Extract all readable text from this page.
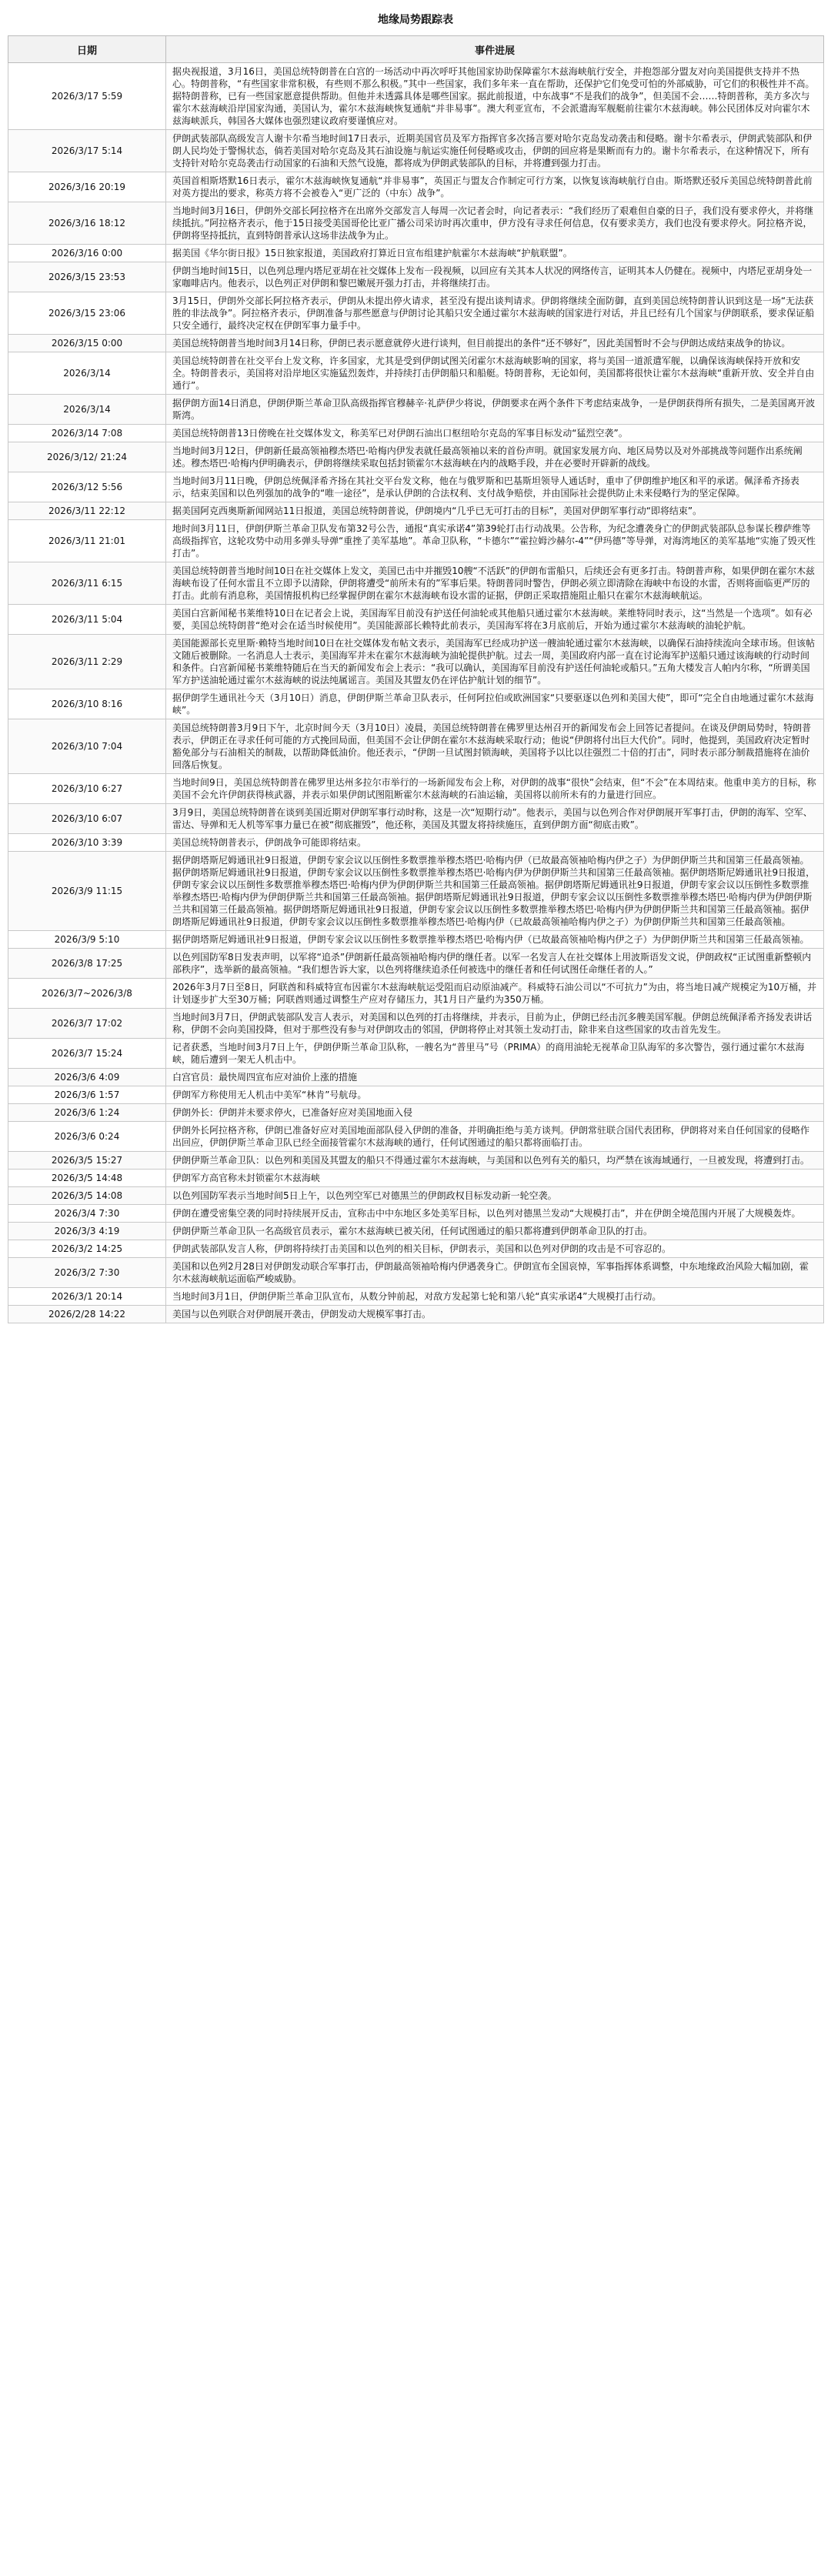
地缘局势跟踪表
日期	事件进展
2026/3/17 5:59	据央视报道，3月16日，美国总统特朗普在白宫的一场活动中再次呼吁其他国家协助保障霍尔木兹海峡航行安全，并抱怨部分盟友对向美国提供支持并不热心。特朗普称，“有些国家非常积极，有些则不那么积极。”其中一些国家，我们多年来一直在帮助，还保护它们免受可怕的外部威胁，可它们的积极性并不高。据特朗普称，已有一些国家愿意提供帮助。但他并未透露具体是哪些国家。据此前报道，中东战事“不是我们的战争”，但美国不会……特朗普称，美方多次与霍尔木兹海峡沿岸国家沟通，美国认为，霍尔木兹海峡恢复通航“并非易事”。澳大利亚宣布，不会派遣海军舰艇前往霍尔木兹海峡。韩公民团体反对向霍尔木兹海峡派兵，韩国各大媒体也强烈建议政府要谨慎应对。
2026/3/17 5:14	伊朗武装部队高级发言人谢卡尔希当地时间17日表示，近期美国官员及军方指挥官多次扬言要对哈尔克岛发动袭击和侵略。谢卡尔希表示，伊朗武装部队和伊朗人民均处于警惕状态，倘若美国对哈尔克岛及其石油设施与航运实施任何侵略或攻击，伊朗的回应将是果断而有力的。谢卡尔希表示，在这种情况下，所有支持针对哈尔克岛袭击行动国家的石油和天然气设施，都将成为伊朗武装部队的目标，并将遭到强力打击。
2026/3/16 20:19	英国首相斯塔默16日表示，霍尔木兹海峡恢复通航“并非易事”，英国正与盟友合作制定可行方案，以恢复该海峡航行自由。斯塔默还驳斥美国总统特朗普此前对英方提出的要求，称英方将不会被卷入“更广泛的（中东）战争”。
2026/3/16 18:12	当地时间3月16日，伊朗外交部长阿拉格齐在出席外交部发言人每周一次记者会时，向记者表示：“我们经历了艰难但自豪的日子，我们没有要求停火，并将继续抵抗。”阿拉格齐表示，他于15日接受美国哥伦比亚广播公司采访时再次重申，伊方没有寻求任何信息，仅有要求美方，我们也没有要求停火。阿拉格齐说，伊朗将坚持抵抗，直到特朗普承认这场非法战争为止。
2026/3/16 0:00	据美国《华尔街日报》15日独家报道，美国政府打算近日宣布组建护航霍尔木兹海峡“护航联盟”。
2026/3/15 23:53	伊朗当地时间15日，以色列总理内塔尼亚胡在社交媒体上发布一段视频，以回应有关其本人状况的网络传言，证明其本人仍健在。视频中，内塔尼亚胡身处一家咖啡店内。他表示，以色列正对伊朗和黎巴嫩展开强力打击，并将继续打击。
2026/3/15 23:06	3月15日，伊朗外交部长阿拉格齐表示，伊朗从未提出停火请求，甚至没有提出谈判请求。伊朗将继续全面防御，直到美国总统特朗普认识到这是一场“无法获胜的非法战争”。阿拉格齐表示，伊朗准备与那些愿意与伊朗讨论其船只安全通过霍尔木兹海峡的国家进行对话，并且已经有几个国家与伊朗联系，要求保证船只安全通行，最终决定权在伊朗军事力量手中。
2026/3/15 0:00	美国总统特朗普当地时间3月14日称，伊朗已表示愿意就停火进行谈判，但目前提出的条件“还不够好”，因此美国暂时不会与伊朗达成结束战争的协议。
2026/3/14	美国总统特朗普在社交平台上发文称，许多国家，尤其是受到伊朗试图关闭霍尔木兹海峡影响的国家，将与美国一道派遣军舰，以确保该海峡保持开放和安全。特朗普表示，美国将对沿岸地区实施猛烈轰炸，并持续打击伊朗船只和船艇。特朗普称，无论如何，美国都将很快让霍尔木兹海峡“重新开放、安全并自由通行”。
2026/3/14	据伊朗方面14日消息，伊朗伊斯兰革命卫队高级指挥官穆赫辛·礼萨伊少将说，伊朗要求在两个条件下考虑结束战争，一是伊朗获得所有损失，二是美国离开波斯湾。
2026/3/14 7:08	美国总统特朗普13日傍晚在社交媒体发文，称美军已对伊朗石油出口枢纽哈尔克岛的军事目标发动“猛烈空袭”。
2026/3/12/ 21:24	当地时间3月12日，伊朗新任最高领袖穆杰塔巴·哈梅内伊发表就任最高领袖以来的首份声明。就国家发展方向、地区局势以及对外部挑战等问题作出系统阐述。穆杰塔巴·哈梅内伊明确表示，伊朗将继续采取包括封锁霍尔木兹海峡在内的战略手段，并在必要时开辟新的战线。
2026/3/12 5:56	当地时间3月11日晚，伊朗总统佩泽希齐扬在其社交平台发文称，他在与俄罗斯和巴基斯坦领导人通话时，重申了伊朗维护地区和平的承诺。佩泽希齐扬表示，结束美国和以色列强加的战争的“唯一途径”，是承认伊朗的合法权利、支付战争赔偿，并由国际社会提供防止未来侵略行为的坚定保障。
2026/3/11 22:12	据美国阿克西奥斯新闻网站11日报道，美国总统特朗普说，伊朗境内“几乎已无可打击的目标”，美国对伊朗军事行动“即将结束”。
2026/3/11 21:01	地时间3月11日，伊朗伊斯兰革命卫队发布第32号公告，通报“真实承诺4”第39轮打击行动战果。公告称，为纪念遭袭身亡的伊朗武装部队总参谋长穆萨维等高级指挥官，这轮攻势中动用多弹头导弹“重挫了美军基地”。革命卫队称，“卡德尔”“霍拉姆沙赫尔-4”“伊玛德”等导弹，对海湾地区的美军基地“实施了毁灭性打击”。
2026/3/11 6:15	美国总统特朗普当地时间10日在社交媒体上发文，美国已击中并摧毁10艘“不活跃”的伊朗布雷船只，后续还会有更多打击。特朗普声称，如果伊朗在霍尔木兹海峡布设了任何水雷且不立即予以清除，伊朗将遭受“前所未有的”军事后果。特朗普同时警告，伊朗必须立即清除在海峡中布设的水雷，否则将面临更严厉的打击。此前有消息称，美国情报机构已经掌握伊朗在霍尔木兹海峡布设水雷的证据，伊朗正采取措施阻止船只在霍尔木兹海峡航运。
2026/3/11 5:04	美国白宫新闻秘书莱维特10日在记者会上说，美国海军目前没有护送任何油轮或其他船只通过霍尔木兹海峡。莱维特同时表示，这“当然是一个选项”。如有必要，美国总统特朗普“绝对会在适当时候使用”。美国能源部长赖特此前表示，美国海军将在3月底前后，开始为通过霍尔木兹海峡的油轮护航。
2026/3/11 2:29	美国能源部长克里斯·赖特当地时间10日在社交媒体发布帖文表示，美国海军已经成功护送一艘油轮通过霍尔木兹海峡，以确保石油持续流向全球市场。但该帖文随后被删除。一名消息人士表示，美国海军并未在霍尔木兹海峡为油轮提供护航。过去一周，美国政府内部一直在讨论海军护送船只通过该海峡的行动时间和条件。白宫新闻秘书莱维特随后在当天的新闻发布会上表示：“我可以确认，美国海军目前没有护送任何油轮或船只。”五角大楼发言人帕内尔称，“所谓美国军方护送油轮通过霍尔木兹海峡的说法纯属谣言。美国及其盟友仍在评估护航计划的细节”。
2026/3/10 8:16	据伊朗学生通讯社今天（3月10日）消息，伊朗伊斯兰革命卫队表示，任何阿拉伯或欧洲国家“只要驱逐以色列和美国大使”，即可“完全自由地通过霍尔木兹海峡”。
2026/3/10 7:04	美国总统特朗普3月9日下午，北京时间今天（3月10日）凌晨，美国总统特朗普在佛罗里达州召开的新闻发布会上回答记者提问。在谈及伊朗局势时，特朗普表示，伊朗正在寻求任何可能的方式挽回局面，但美国不会让伊朗在霍尔木兹海峡采取行动；他说“伊朗将付出巨大代价”。同时，他提到，美国政府决定暂时豁免部分与石油相关的制裁，以帮助降低油价。他还表示，“伊朗一旦试图封锁海峡，美国将予以比以往强烈二十倍的打击”，同时表示部分制裁措施将在油价回落后恢复。
2026/3/10 6:27	当地时间9日，美国总统特朗普在佛罗里达州多拉尔市举行的一场新闻发布会上称，对伊朗的战事“很快”会结束，但“不会”在本周结束。他重申美方的目标，称美国不会允许伊朗获得核武器，并表示如果伊朗试图阻断霍尔木兹海峡的石油运输，美国将以前所未有的力量进行回应。
2026/3/10 6:07	3月9日，美国总统特朗普在谈到美国近期对伊朗军事行动时称，这是一次“短期行动”。他表示，美国与以色列合作对伊朗展开军事打击，伊朗的海军、空军、雷达、导弹和无人机等军事力量已在被“彻底摧毁”，他还称，美国及其盟友将持续施压，直到伊朗方面“彻底击败”。
2026/3/10 3:39	美国总统特朗普表示，伊朗战争可能即将结束。
2026/3/9 11:15	据伊朗塔斯尼姆通讯社9日报道，伊朗专家会议以压倒性多数票推举穆杰塔巴·哈梅内伊（已故最高领袖哈梅内伊之子）为伊朗伊斯兰共和国第三任最高领袖。据伊朗塔斯尼姆通讯社9日报道，伊朗专家会议以压倒性多数票推举穆杰塔巴·哈梅内伊为伊朗伊斯兰共和国第三任最高领袖。据伊朗塔斯尼姆通讯社9日报道，伊朗专家会议以压倒性多数票推举穆杰塔巴·哈梅内伊为伊朗伊斯兰共和国第三任最高领袖。据伊朗塔斯尼姆通讯社9日报道，伊朗专家会议以压倒性多数票推举穆杰塔巴·哈梅内伊为伊朗伊斯兰共和国第三任最高领袖。据伊朗塔斯尼姆通讯社9日报道，伊朗专家会议以压倒性多数票推举穆杰塔巴·哈梅内伊为伊朗伊斯兰共和国第三任最高领袖。据伊朗塔斯尼姆通讯社9日报道，伊朗专家会议以压倒性多数票推举穆杰塔巴·哈梅内伊为伊朗伊斯兰共和国第三任最高领袖。据伊朗塔斯尼姆通讯社9日报道，伊朗专家会议以压倒性多数票推举穆杰塔巴·哈梅内伊（已故最高领袖哈梅内伊之子）为伊朗伊斯兰共和国第三任最高领袖。
2026/3/9 5:10	据伊朗塔斯尼姆通讯社9日报道，伊朗专家会议以压倒性多数票推举穆杰塔巴·哈梅内伊（已故最高领袖哈梅内伊之子）为伊朗伊斯兰共和国第三任最高领袖。
2026/3/8 17:25	以色列国防军8日发表声明，以军将“追杀”伊朗新任最高领袖哈梅内伊的继任者。以军一名发言人在社交媒体上用波斯语发文说，伊朗政权“正试图重新整顿内部秩序”，选举新的最高领袖。“我们想告诉大家，以色列将继续追杀任何被选中的继任者和任何试图任命继任者的人。”
2026/3/7~2026/3/8	2026年3月7日至8日，阿联酋和科威特宣布因霍尔木兹海峡航运受阻而启动原油减产。科威特石油公司以“不可抗力”为由，将当地日减产规模定为10万桶，并计划逐步扩大至30万桶；阿联酋则通过调整生产应对存储压力，其1月日产量约为350万桶。
2026/3/7 17:02	当地时间3月7日，伊朗武装部队发言人表示，对美国和以色列的打击将继续，并表示，目前为止，伊朗已经击沉多艘美国军舰。伊朗总统佩泽希齐扬发表讲话称，伊朗不会向美国投降，但对于那些没有参与对伊朗攻击的邻国，伊朗将停止对其领土发动打击，除非来自这些国家的攻击首先发生。
2026/3/7 15:24	记者获悉，当地时间3月7日上午，伊朗伊斯兰革命卫队称，一艘名为“普里马”号（PRIMA）的商用油轮无视革命卫队海军的多次警告，强行通过霍尔木兹海峡，随后遭到一架无人机击中。
2026/3/6 4:09	白宫官员：最快周四宣布应对油价上涨的措施
2026/3/6 1:57	伊朗军方称使用无人机击中美军“林肯”号航母。
2026/3/6 1:24	伊朗外长：伊朗并未要求停火，已准备好应对美国地面入侵
2026/3/6 0:24	伊朗外长阿拉格齐称，伊朗已准备好应对美国地面部队侵入伊朗的准备，并明确拒绝与美方谈判。伊朗常驻联合国代表团称，伊朗将对来自任何国家的侵略作出回应，伊朗伊斯兰革命卫队已经全面接管霍尔木兹海峡的通行，任何试图通过的船只都将面临打击。
2026/3/5 15:27	伊朗伊斯兰革命卫队：以色列和美国及其盟友的船只不得通过霍尔木兹海峡，与美国和以色列有关的船只，均严禁在该海域通行，一旦被发现，将遭到打击。
2026/3/5 14:48	伊朗军方高官称未封锁霍尔木兹海峡
2026/3/5 14:08	以色列国防军表示当地时间5日上午，以色列空军已对德黑兰的伊朗政权目标发动新一轮空袭。
2026/3/4 7:30	伊朗在遭受密集空袭的同时持续展开反击，宣称击中中东地区多处美军目标，以色列对德黑兰发动“大规模打击”，并在伊朗全境范围内开展了大规模轰炸。
2026/3/3 4:19	伊朗伊斯兰革命卫队一名高级官员表示，霍尔木兹海峡已被关闭，任何试图通过的船只都将遭到伊朗革命卫队的打击。
2026/3/2 14:25	伊朗武装部队发言人称，伊朗将持续打击美国和以色列的相关目标，伊朗表示，美国和以色列对伊朗的攻击是不可容忍的。
2026/3/2 7:30	美国和以色列2月28日对伊朗发动联合军事打击，伊朗最高领袖哈梅内伊遇袭身亡。伊朗宣布全国哀悼，军事指挥体系调整，中东地缘政治风险大幅加剧，霍尔木兹海峡航运面临严峻威胁。
2026/3/1 20:14	当地时间3月1日，伊朗伊斯兰革命卫队宣布，从数分钟前起，对敌方发起第七轮和第八轮“真实承诺4”大规模打击行动。
2026/2/28 14:22	美国与以色列联合对伊朗展开袭击，伊朗发动大规模军事打击。
